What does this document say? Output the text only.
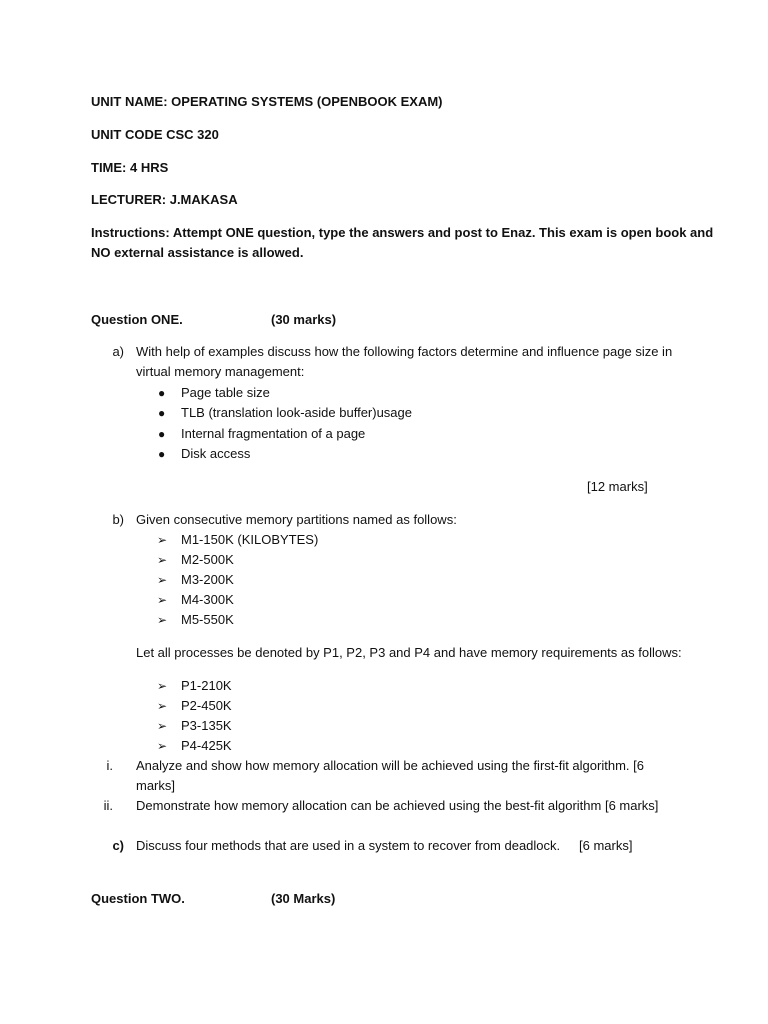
UNIT NAME: OPERATING SYSTEMS (OPENBOOK EXAM)
UNIT CODE CSC 320
TIME: 4 HRS
LECTURER: J.MAKASA
Instructions: Attempt ONE question, type the answers and post to Enaz. This exam is open book and
NO external assistance is allowed.
Question ONE.	(30 marks)
a) With help of examples discuss how the following factors determine and influence page size in
virtual memory management:
● Page table size
● TLB (translation look-aside buffer)usage
● Internal fragmentation of a page
● Disk access
[12 marks]
b) Given consecutive memory partitions named as follows:
➢ M1-150K (KILOBYTES)
➢ M2-500K
➢ M3-200K
➢ M4-300K
➢ M5-550K
Let all processes be denoted by P1, P2, P3 and P4 and have memory requirements as follows:
➢ P1-210K
➢ P2-450K
➢ P3-135K
➢ P4-425K
i. Analyze and show how memory allocation will be achieved using the first-fit algorithm. [6
marks]
ii. Demonstrate how memory allocation can be achieved using the best-fit algorithm [6 marks]
c) Discuss four methods that are used in a system to recover from deadlock. [6 marks]
Question TWO.	(30 Marks)
